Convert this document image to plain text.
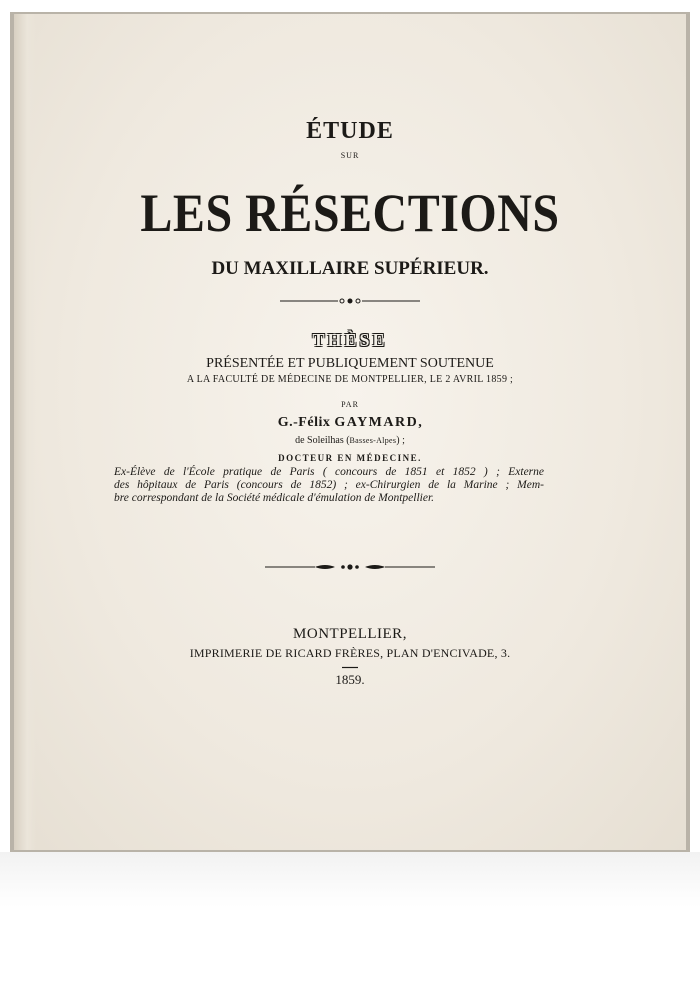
ÉTUDE
SUR
LES RÉSECTIONS
DU MAXILLAIRE SUPÉRIEUR.
THÈSE
PRÉSENTÉE ET PUBLIQUEMENT SOUTENUE
A LA FACULTÉ DE MÉDECINE DE MONTPELLIER, LE 2 AVRIL 1859 ;
PAR
G.-Félix GAYMARD,
de Soleilhas (Basses-Alpes) ;
DOCTEUR EN MÉDECINE.
Ex-Élève de l'École pratique de Paris ( concours de 1851 et 1852 ) ; Externe
des hôpitaux de Paris (concours de 1852) ; ex-Chirurgien de la Marine ; Mem-
bre correspondant de la Société médicale d'émulation de Montpellier.
MONTPELLIER,
IMPRIMERIE DE RICARD FRÈRES, PLAN D'ENCIVADE, 3.
1859.
